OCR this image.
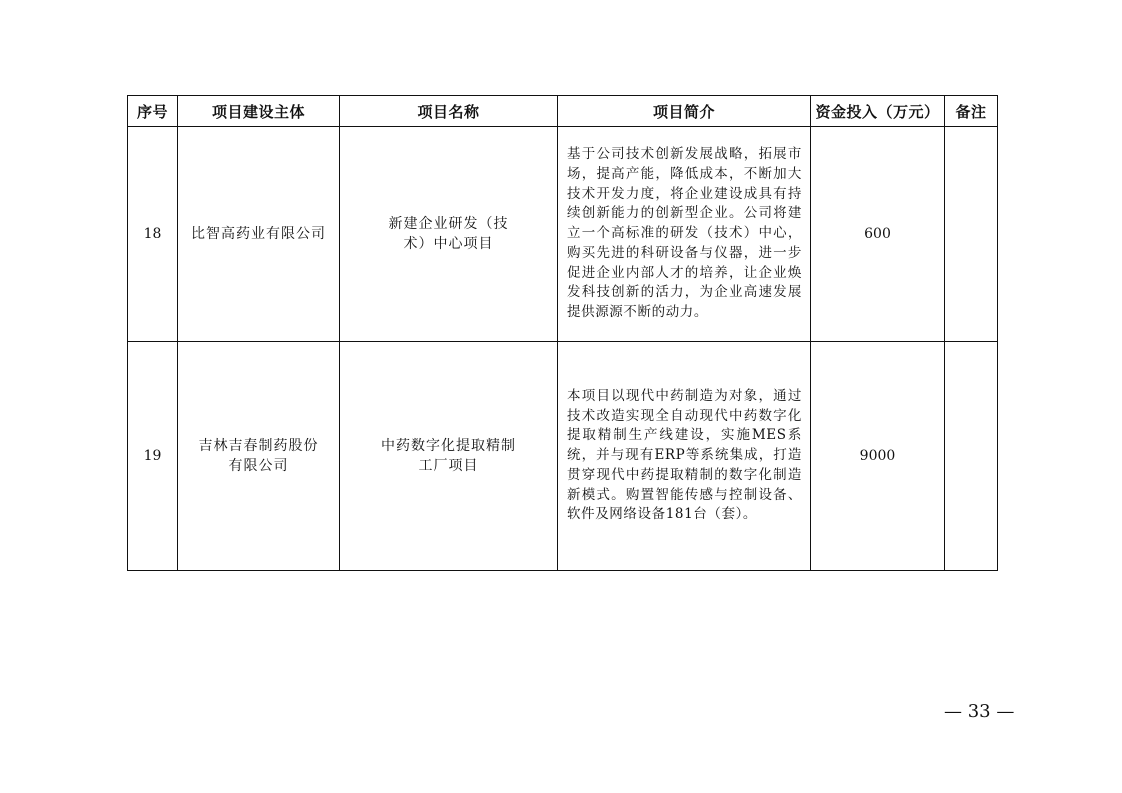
序号	项目建设主体	项目名称	项目简介	资金投入（万元）	备注
18	比智高药业有限公司	新建企业研发（技术）中心项目	基于公司技术创新发展战略，拓展市场，提高产能，降低成本，不断加大技术开发力度，将企业建设成具有持续创新能力的创新型企业。公司将建立一个高标准的研发（技术）中心，购买先进的科研设备与仪器，进一步促进企业内部人才的培养，让企业焕发科技创新的活力，为企业高速发展提供源源不断的动力。	600	
19	吉林吉春制药股份有限公司	中药数字化提取精制工厂项目	本项目以现代中药制造为对象，通过技术改造实现全自动现代中药数字化提取精制生产线建设，实施MES系统，并与现有ERP等系统集成，打造贯穿现代中药提取精制的数字化制造新模式。购置智能传感与控制设备、软件及网络设备181台（套）。	9000	
— 33 —
